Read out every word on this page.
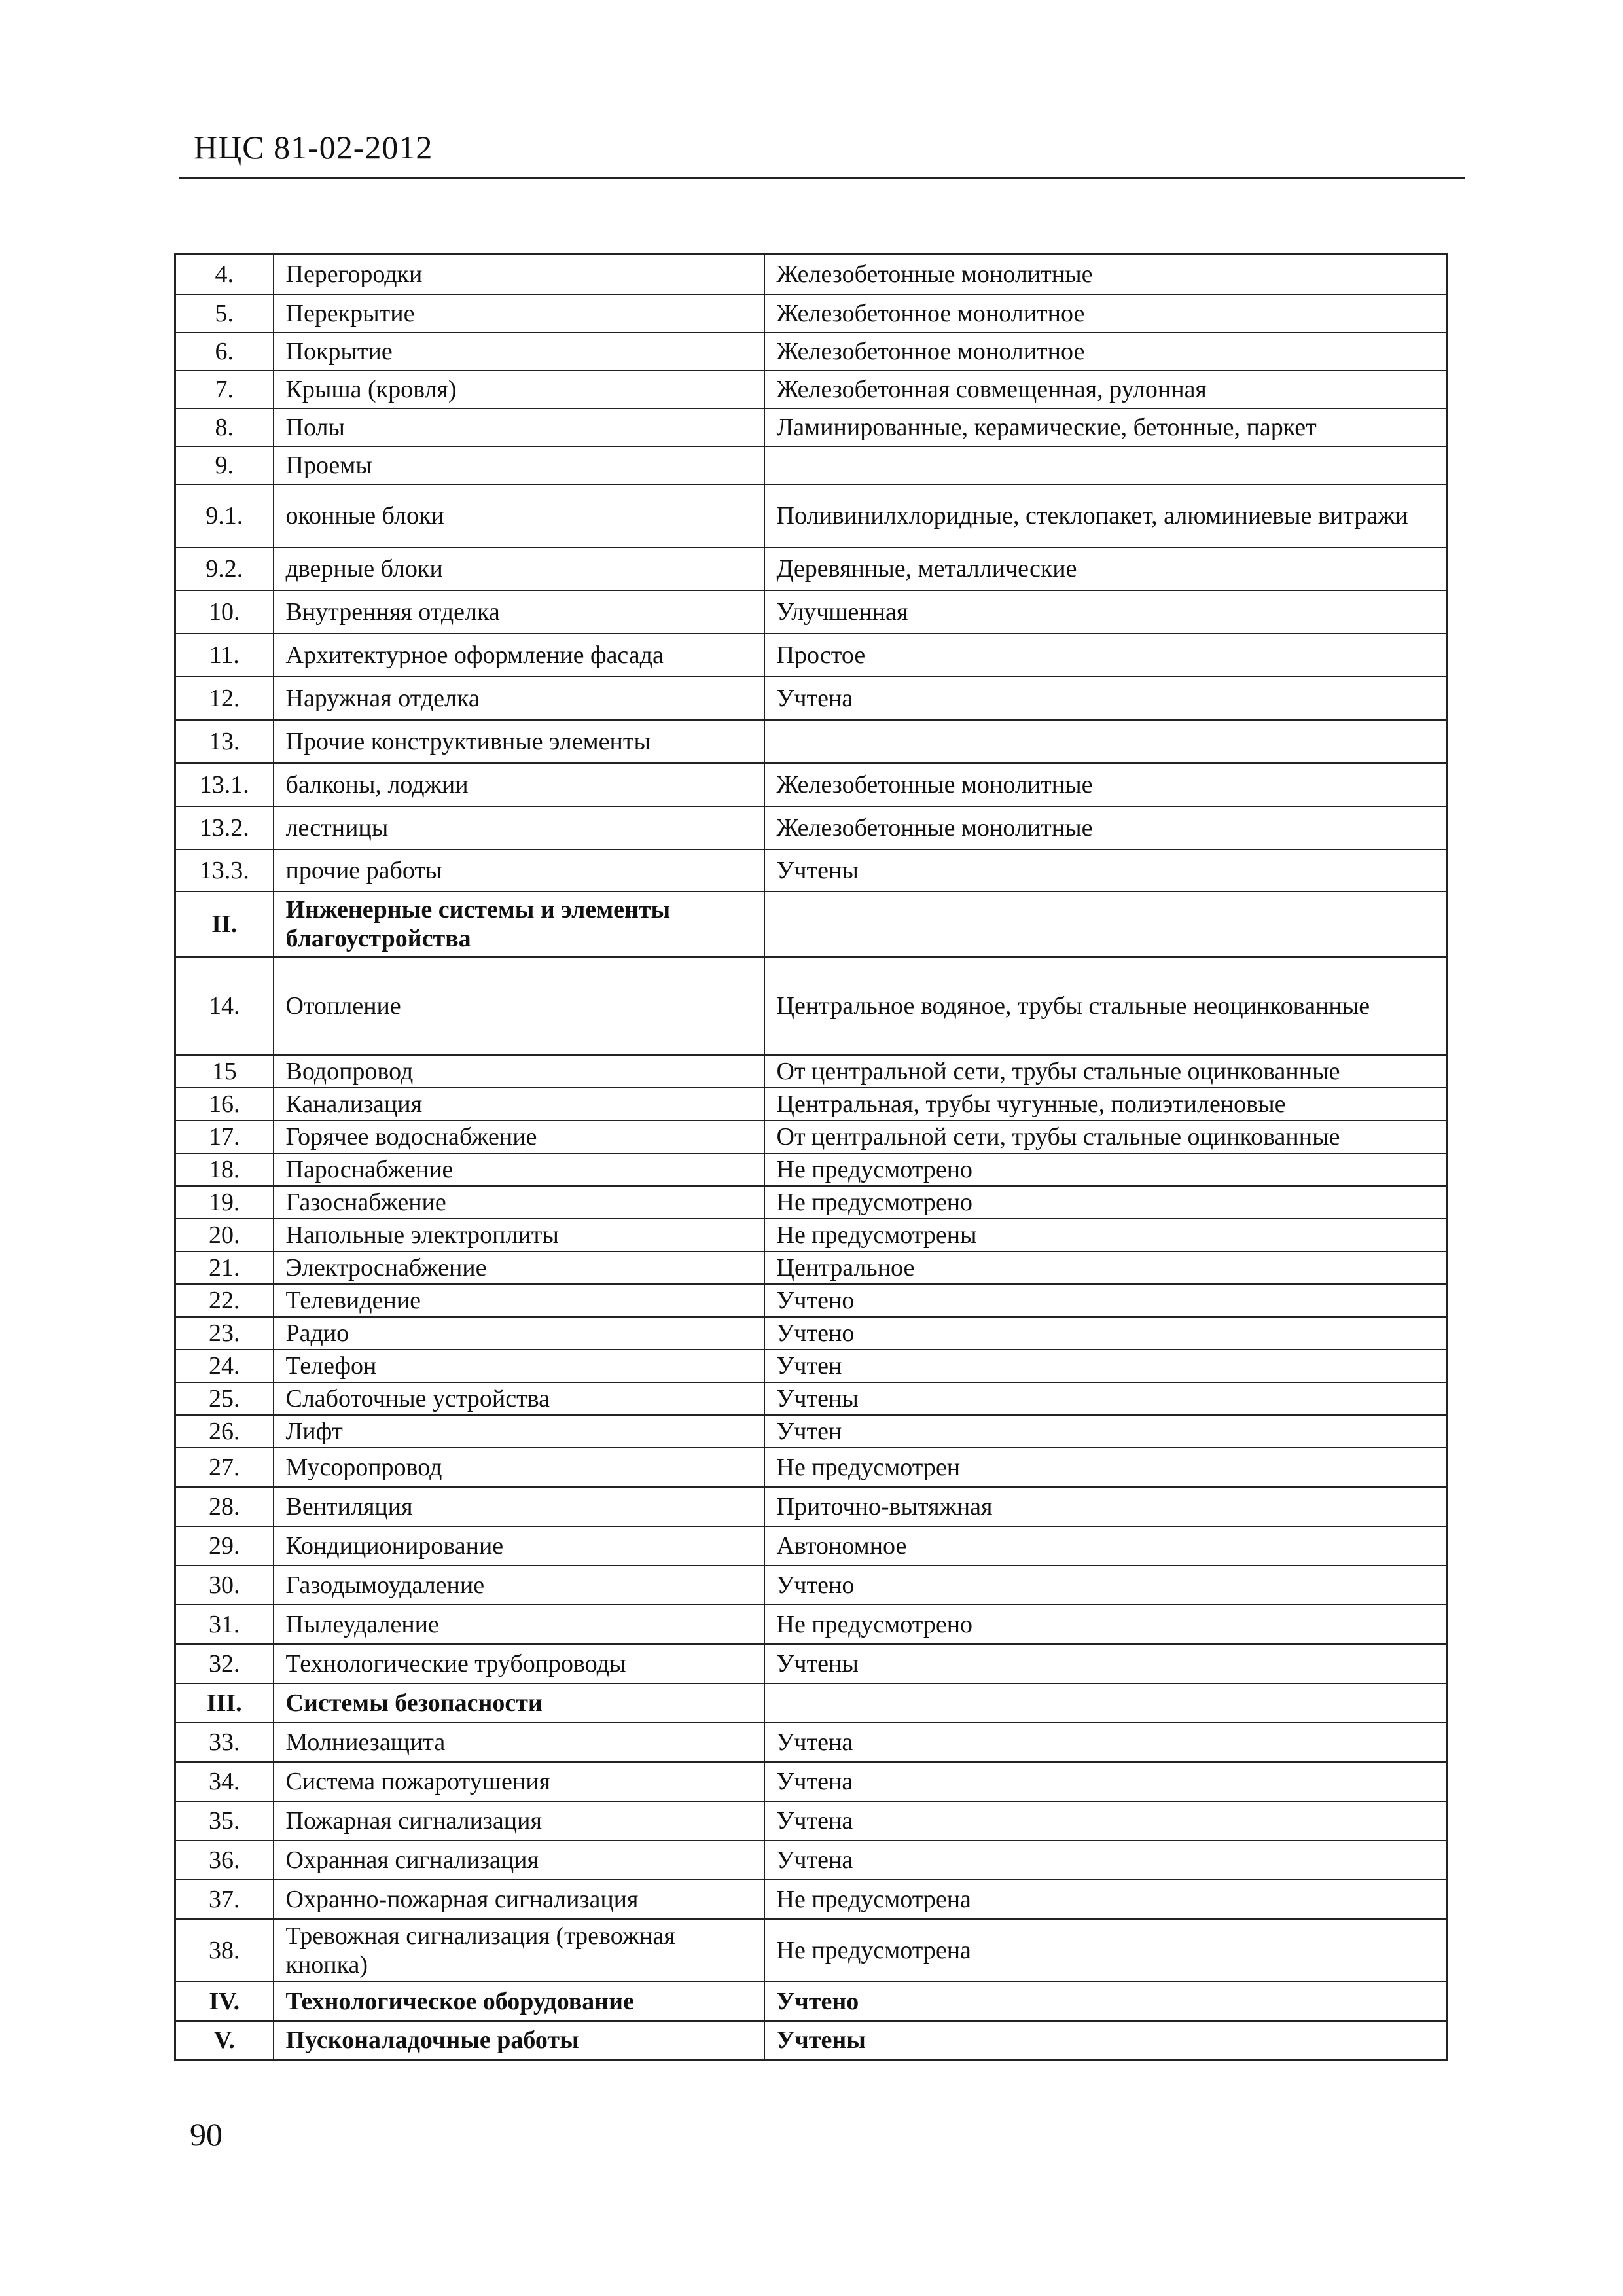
НЦС 81-02-2012
4.	Перегородки	Железобетонные монолитные
5.	Перекрытие	Железобетонное монолитное
6.	Покрытие	Железобетонное монолитное
7.	Крыша (кровля)	Железобетонная совмещенная, рулонная
8.	Полы	Ламинированные, керамические, бетонные, паркет
9.	Проемы	
9.1.	оконные блоки	Поливинилхлоридные, стеклопакет, алюминиевые витражи
9.2.	дверные блоки	Деревянные, металлические
10.	Внутренняя отделка	Улучшенная
11.	Архитектурное оформление фасада	Простое
12.	Наружная отделка	Учтена
13.	Прочие конструктивные элементы	
13.1.	балконы, лоджии	Железобетонные монолитные
13.2.	лестницы	Железобетонные монолитные
13.3.	прочие работы	Учтены
II.	Инженерные системы и элементы благоустройства	
14.	Отопление	Центральное водяное, трубы стальные неоцинкованные
15	Водопровод	От центральной сети, трубы стальные оцинкованные
16.	Канализация	Центральная, трубы чугунные, полиэтиленовые
17.	Горячее водоснабжение	От центральной сети, трубы стальные оцинкованные
18.	Пароснабжение	Не предусмотрено
19.	Газоснабжение	Не предусмотрено
20.	Напольные электроплиты	Не предусмотрены
21.	Электроснабжение	Центральное
22.	Телевидение	Учтено
23.	Радио	Учтено
24.	Телефон	Учтен
25.	Слаботочные устройства	Учтены
26.	Лифт	Учтен
27.	Мусоропровод	Не предусмотрен
28.	Вентиляция	Приточно-вытяжная
29.	Кондиционирование	Автономное
30.	Газодымоудаление	Учтено
31.	Пылеудаление	Не предусмотрено
32.	Технологические трубопроводы	Учтены
III.	Системы безопасности	
33.	Молниезащита	Учтена
34.	Система пожаротушения	Учтена
35.	Пожарная сигнализация	Учтена
36.	Охранная сигнализация	Учтена
37.	Охранно-пожарная сигнализация	Не предусмотрена
38.	Тревожная сигнализация (тревожная кнопка)	Не предусмотрена
IV.	Технологическое оборудование	Учтено
V.	Пусконаладочные работы	Учтены
90
